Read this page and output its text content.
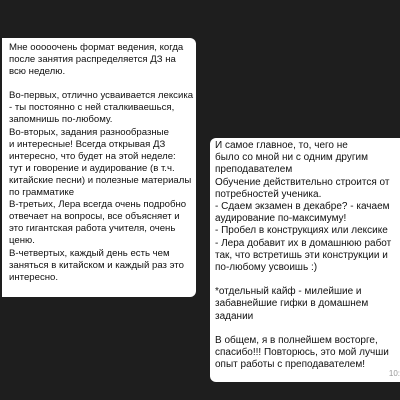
Мне ооооочень формат ведения, когда
после занятия распределяется ДЗ на
всю неделю.
Во-первых, отлично усваивается лексика
- ты постоянно с ней сталкиваешься,
запомнишь по-любому.
Во-вторых, задания разнообразные
и интересные! Всегда открывая ДЗ
интересно, что будет на этой неделе:
тут и говорение и аудирование (в т.ч.
китайские песни) и полезные материалы
по грамматике
В-третьих, Лера всегда очень подробно
отвечает на вопросы, все объясняет и
это гигантская работа учителя, очень
ценю.
В-четвертых, каждый день есть чем
заняться в китайском и каждый раз это
интересно.
И самое главное, то, чего не
было со мной ни с одним другим
преподавателем
Обучение действительно строится от
потребностей ученика.
- Сдаем экзамен в декабре? - качаем
аудирование по-максимуму!
- Пробел в конструкциях или лексике
- Лера добавит их в домашнюю работ
так, что встретишь эти конструкции и
по-любому усвоишь :)
*отдельный кайф - милейшие и
забавнейшие гифки в домашнем
задании
В общем, я в полнейшем восторге,
спасибо!!! Повторюсь, это мой лучши
опыт работы с преподавателем!
10:
